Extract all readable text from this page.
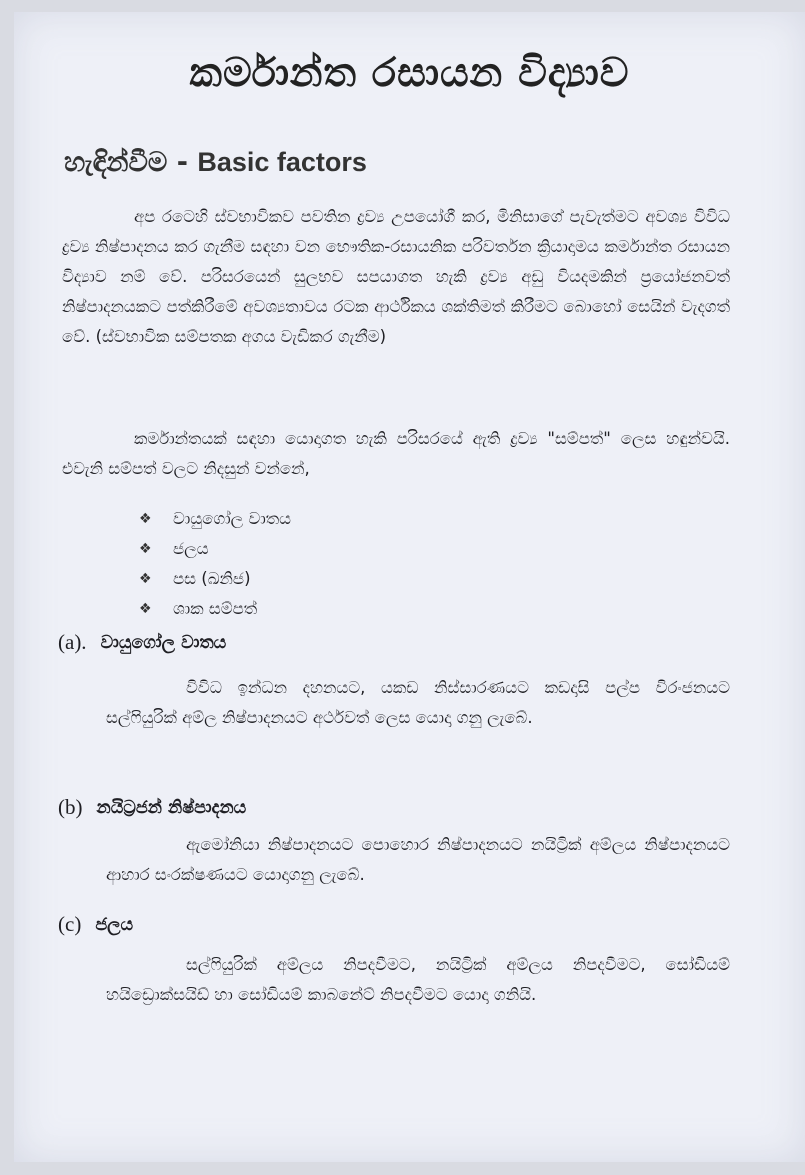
කර්මාන්ත රසායන විද්‍යාව
හැඳින්වීම - Basic factors
අප රටෙහි ස්වභාවිකව පවතින ද්‍රව්‍ය උපයෝගී කර, මිනිසාගේ පැවැත්මට අවශ්‍ය විවිධ ද්‍රව්‍ය නිෂ්පාදනය කර ගැනීම සඳහා වන භෞතික-රසායනික පරිවර්තන ක්‍රියාදාමය කර්මාන්ත රසායන විද්‍යාව නම් වේ. පරිසරයෙන් සුලභව සපයාගත හැකි ද්‍රව්‍ය අඩු වියදමකින් ප්‍රයෝජනවත් නිෂ්පාදනයකට පත්කිරීමේ අවශ්‍යතාවය රටක ආර්ථිකය ශක්තිමත් කිරීමට බොහෝ සෙයින් වැදගත් වේ. (ස්වභාවික සම්පතක අගය වැඩිකර ගැනීම)
කර්මාන්තයක් සඳහා යොදාගත හැකි පරිසරයේ ඇති ද්‍රව්‍ය "සම්පත්" ලෙස හඳුන්වයි. එවැනි සම්පත් වලට නිදසුන් වන්නේ,
❖	වායුගෝල වාතය
❖	ජලය
❖	පස (ඛනිජ)
❖	ශාක සම්පත්
(a). වායුගෝල වාතය
විවිධ ඉන්ධන දහනයට, යකඩ නිස්සාරණයට කඩදාසි පල්ප විරංජනයට සල්ෆියුරික් අම්ල නිෂ්පාදනයට අර්ථවත් ලෙස යොදා ගනු ලැබේ.
(b) නයිට්‍රජන් නිෂ්පාදනය
ඇමෝනියා නිෂ්පාදනයට පොහොර නිෂ්පාදනයට නයිට්‍රික් අම්ලය නිෂ්පාදනයට ආහාර සංරක්ෂණයට යොදාගනු ලැබේ.
(c) ජලය
සල්ෆියුරික් අම්ලය නිපදවීමට, නයිට්‍රික් අම්ලය නිපදවීමට, සෝඩියම් හයිඩ්‍රොක්සයිඩ් හා සෝඩියම් කාබනේට් නිපදවීමට යොදා ගනියි.
